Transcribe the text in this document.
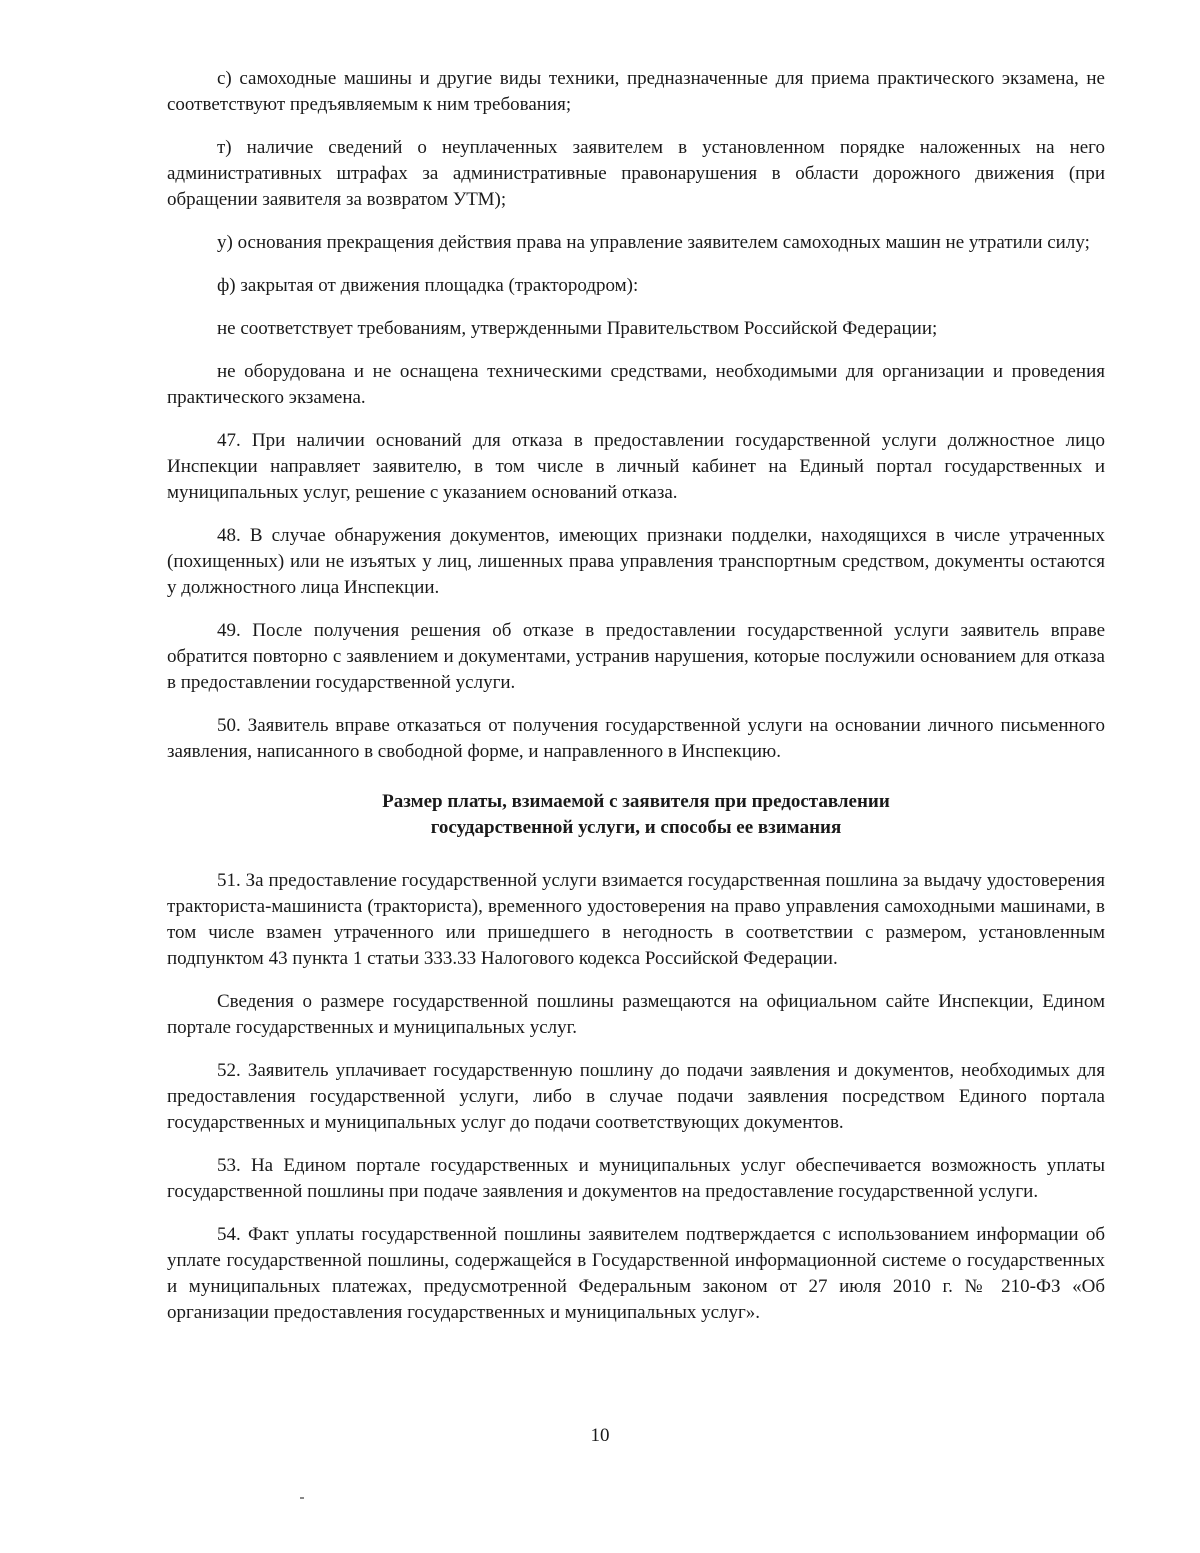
с) самоходные машины и другие виды техники, предназначенные для приема практического экзамена, не соответствуют предъявляемым к ним требования;

т) наличие сведений о неуплаченных заявителем в установленном порядке наложенных на него административных штрафах за административные правонарушения в области дорожного движения (при обращении заявителя за возвратом УТМ);

у) основания прекращения действия права на управление заявителем самоходных машин не утратили силу;

ф) закрытая от движения площадка (трактородром):

не соответствует требованиям, утвержденными Правительством Российской Федерации;

не оборудована и не оснащена техническими средствами, необходимыми для организации и проведения практического экзамена.

47. При наличии оснований для отказа в предоставлении государственной услуги должностное лицо Инспекции направляет заявителю, в том числе в личный кабинет на Единый портал государственных и муниципальных услуг, решение с указанием оснований отказа.

48. В случае обнаружения документов, имеющих признаки подделки, находящихся в числе утраченных (похищенных) или не изъятых у лиц, лишенных права управления транспортным средством, документы остаются у должностного лица Инспекции.

49. После получения решения об отказе в предоставлении государственной услуги заявитель вправе обратится повторно с заявлением и документами, устранив нарушения, которые послужили основанием для отказа в предоставлении государственной услуги.

50. Заявитель вправе отказаться от получения государственной услуги на основании личного письменного заявления, написанного в свободной форме, и направленного в Инспекцию.

Размер платы, взимаемой с заявителя при предоставлении
государственной услуги, и способы ее взимания

51. За предоставление государственной услуги взимается государственная пошлина за выдачу удостоверения тракториста-машиниста (тракториста), временного удостоверения на право управления самоходными машинами, в том числе взамен утраченного или пришедшего в негодность в соответствии с размером, установленным подпунктом 43 пункта 1 статьи 333.33 Налогового кодекса Российской Федерации.

Сведения о размере государственной пошлины размещаются на официальном сайте Инспекции, Едином портале государственных и муниципальных услуг.

52. Заявитель уплачивает государственную пошлину до подачи заявления и документов, необходимых для предоставления государственной услуги, либо в случае подачи заявления посредством Единого портала государственных и муниципальных услуг до подачи соответствующих документов.

53. На Едином портале государственных и муниципальных услуг обеспечивается возможность уплаты государственной пошлины при подаче заявления и документов на предоставление государственной услуги.

54. Факт уплаты государственной пошлины заявителем подтверждается с использованием информации об уплате государственной пошлины, содержащейся в Государственной информационной системе о государственных и муниципальных платежах, предусмотренной Федеральным законом от 27 июля 2010 г. № 210-ФЗ «Об организации предоставления государственных и муниципальных услуг».

10
